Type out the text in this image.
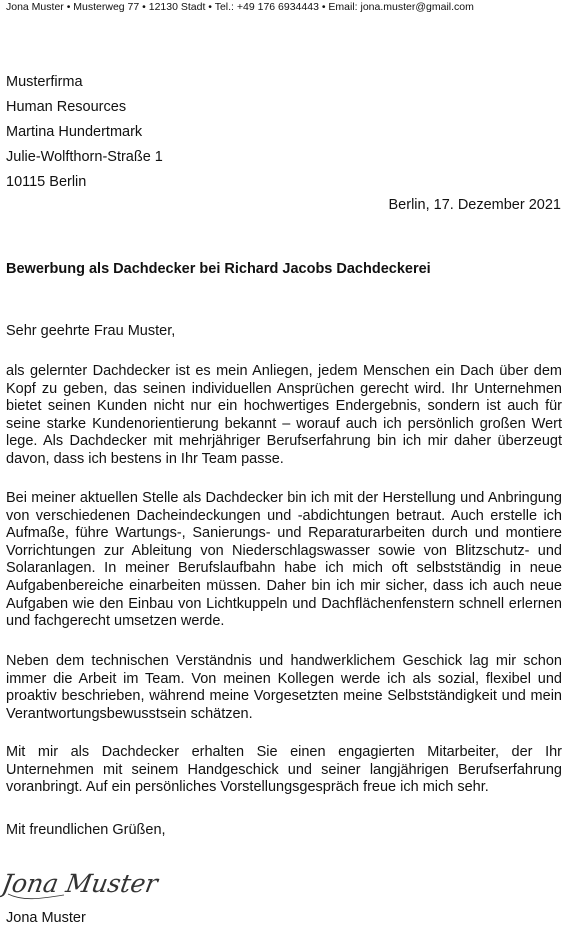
Jona Muster • Musterweg 77 • 12130 Stadt • Tel.: +49 176 6934443 • Email: jona.muster@gmail.com
Musterfirma
Human Resources
Martina Hundertmark
Julie-Wolfthorn-Straße 1
10115 Berlin
Berlin, 17. Dezember 2021
Bewerbung als Dachdecker bei Richard Jacobs Dachdeckerei
Sehr geehrte Frau Muster,

als gelernter Dachdecker ist es mein Anliegen, jedem Menschen ein Dach über dem Kopf zu geben, das seinen individuellen Ansprüchen gerecht wird. Ihr Unternehmen bietet seinen Kunden nicht nur ein hochwertiges Endergebnis, sondern ist auch für seine starke Kundenorientierung bekannt – worauf auch ich persönlich großen Wert lege. Als Dachdecker mit mehrjähriger Berufserfahrung bin ich mir daher überzeugt davon, dass ich bestens in Ihr Team passe.

Bei meiner aktuellen Stelle als Dachdecker bin ich mit der Herstellung und Anbringung von verschiedenen Dacheindeckungen und -abdichtungen betraut. Auch erstelle ich Aufmaße, führe Wartungs-, Sanierungs- und Reparaturarbeiten durch und montiere Vorrichtungen zur Ableitung von Niederschlagswasser sowie von Blitzschutz- und Solaranlagen. In meiner Berufslaufbahn habe ich mich oft selbstständig in neue Aufgabenbereiche einarbeiten müssen. Daher bin ich mir sicher, dass ich auch neue Aufgaben wie den Einbau von Lichtkuppeln und Dachflächenfenstern schnell erlernen und fachgerecht umsetzen werde.

Neben dem technischen Verständnis und handwerklichem Geschick lag mir schon immer die Arbeit im Team. Von meinen Kollegen werde ich als sozial, flexibel und proaktiv beschrieben, während meine Vorgesetzten meine Selbstständigkeit und mein Verantwortungsbewusstsein schätzen.

Mit mir als Dachdecker erhalten Sie einen engagierten Mitarbeiter, der Ihr Unternehmen mit seinem Handgeschick und seiner langjährigen Berufserfahrung voranbringt. Auf ein persönliches Vorstellungsgespräch freue ich mich sehr.

Mit freundlichen Grüßen,
Jona Muster
Jona Muster
